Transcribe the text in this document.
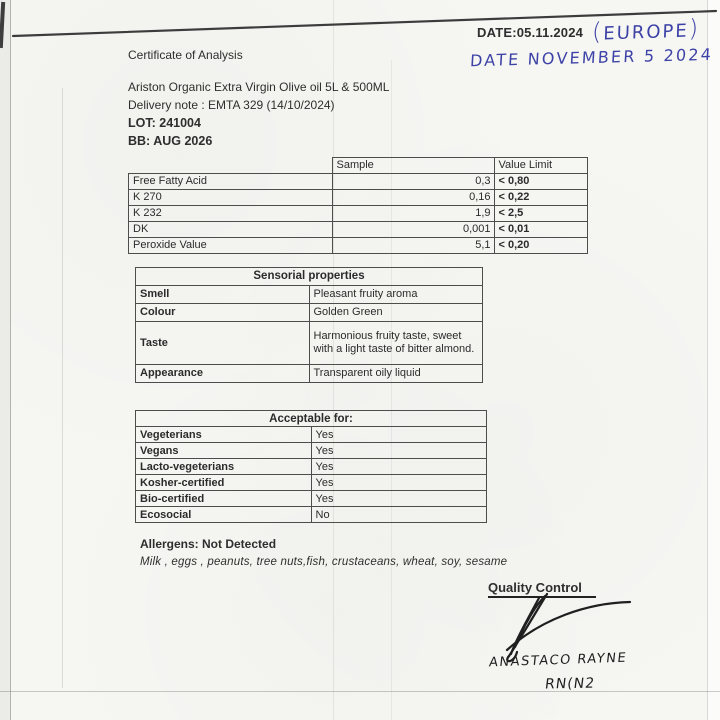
DATE:05.11.2024 (EUROPE)
DATE NOVEMBER 5 2024
Certificate of Analysis
Ariston Organic Extra Virgin Olive oil 5L & 500ML
Delivery note : EMTA 329 (14/10/2024)
LOT: 241004
BB: AUG 2026
	Sample	Value Limit
Free Fatty Acid	0,3	< 0,80
K 270	0,16	< 0,22
K 232	1,9	< 2,5
DK	0,001	< 0,01
Peroxide Value	5,1	< 0,20
Sensorial properties	
Smell	Pleasant fruity aroma
Colour	Golden Green
Taste	Harmonious fruity taste, sweet with a light taste of bitter almond.
Appearance	Transparent oily liquid
Acceptable for:	
Vegeterians	Yes
Vegans	Yes
Lacto-vegeterians	Yes
Kosher-certified	Yes
Bio-certified	Yes
Ecosocial	No
Allergens: Not Detected
Milk , eggs , peanuts, tree nuts,fish, crustaceans, wheat, soy, sesame
Quality Control
ANASTACO RAYNE
RN(N2
